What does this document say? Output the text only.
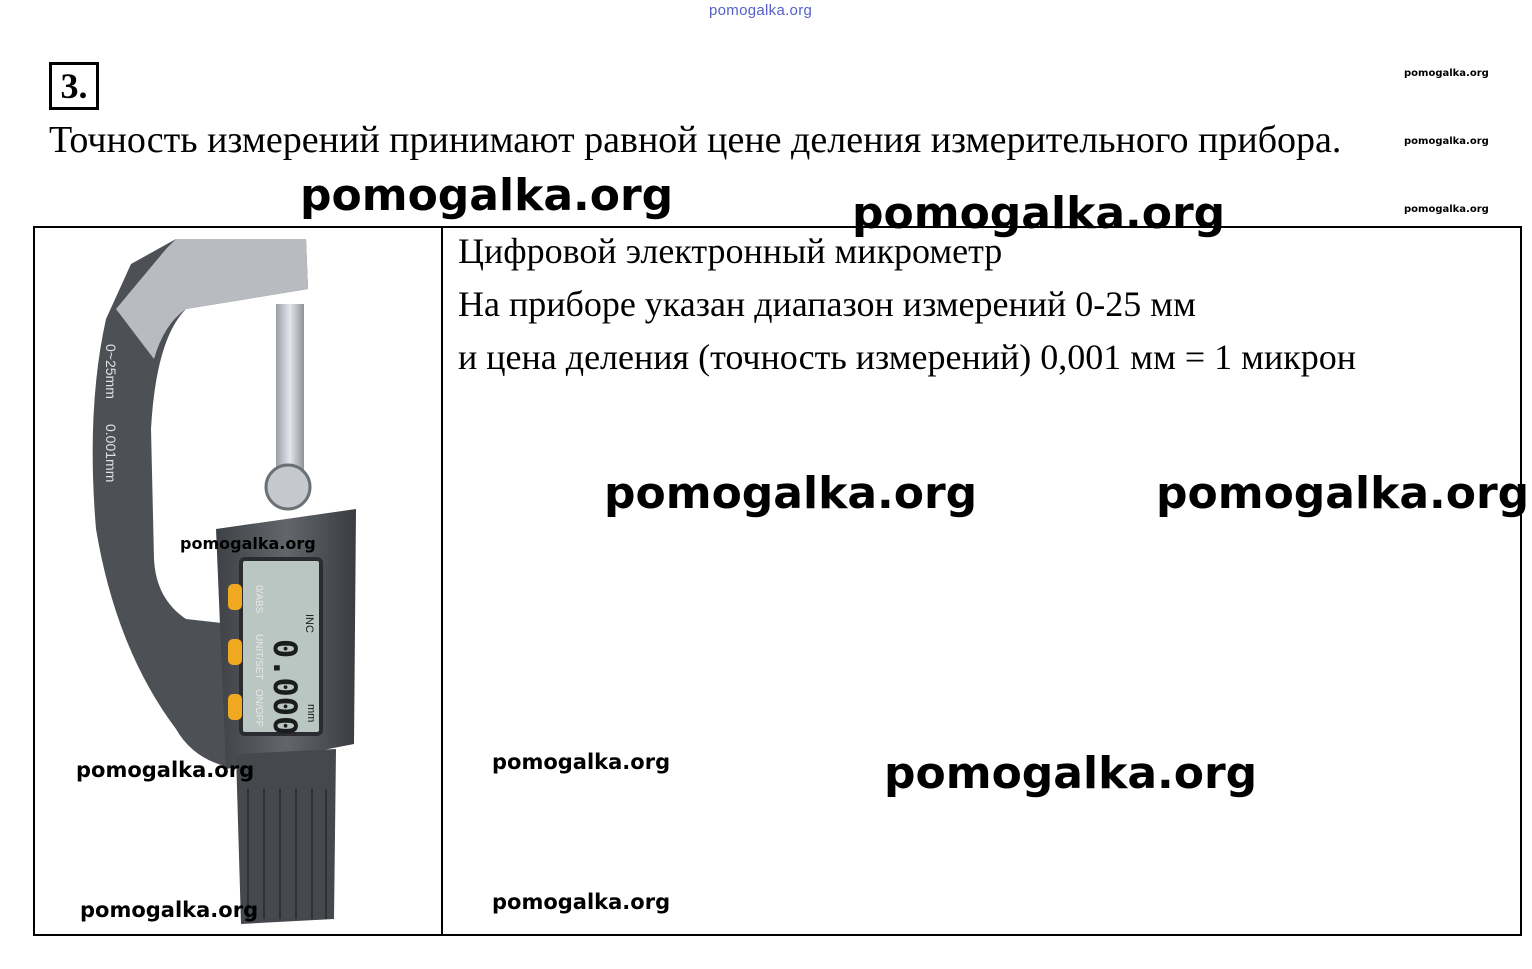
pomogalka.org
pomogalka.org
pomogalka.org
pomogalka.org
pomogalka.org
3.
Точность измерений принимают равной цене деления измерительного прибора.
0~25mm
0.001mm
INC
0.000 mm
0/ABS
UNIT/SET
ON/OFF
Цифровой электронный микрометр
На приборе указан диапазон измерений 0-25 мм
и цена деления (точность измерений) 0,001 мм = 1 микрон
pomogalka.org
pomogalka.org	pomogalka.org
pomogalka.org
pomogalka.org
pomogalka.org
pomogalka.org
pomogalka.org
pomogalka.org
